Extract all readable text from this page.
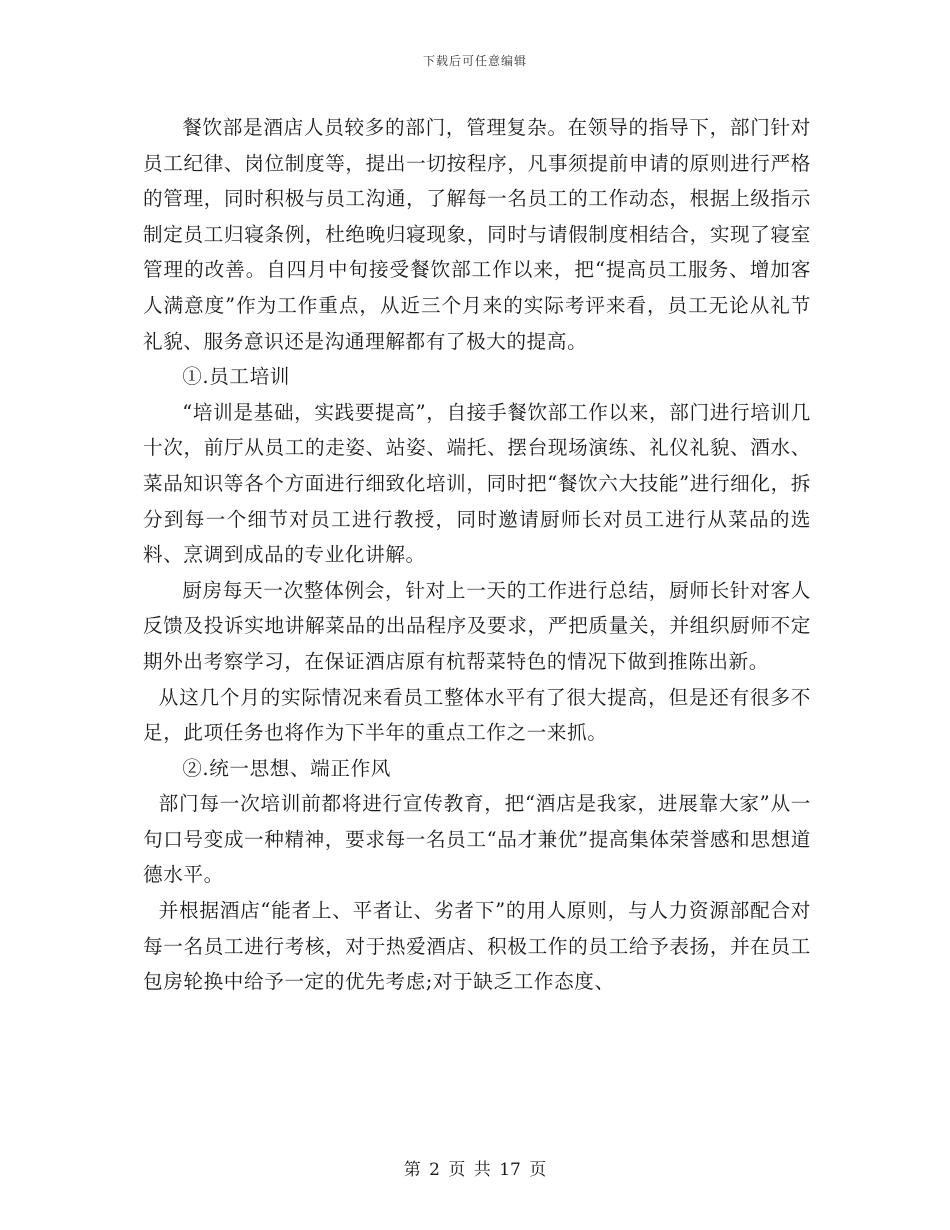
下载后可任意编辑

餐饮部是酒店人员较多的部门，管理复杂。在领导的指导下，部门针对员工纪律、岗位制度等，提出一切按程序，凡事须提前申请的原则进行严格的管理，同时积极与员工沟通，了解每一名员工的工作动态，根据上级指示制定员工归寝条例，杜绝晚归寝现象，同时与请假制度相结合，实现了寝室管理的改善。自四月中旬接受餐饮部工作以来，把“提高员工服务、增加客人满意度”作为工作重点，从近三个月来的实际考评来看，员工无论从礼节礼貌、服务意识还是沟通理解都有了极大的提高。

①.员工培训

“培训是基础，实践要提高”，自接手餐饮部工作以来，部门进行培训几十次，前厅从员工的走姿、站姿、端托、摆台现场演练、礼仪礼貌、酒水、菜品知识等各个方面进行细致化培训，同时把“餐饮六大技能”进行细化，拆分到每一个细节对员工进行教授，同时邀请厨师长对员工进行从菜品的选料、烹调到成品的专业化讲解。

厨房每天一次整体例会，针对上一天的工作进行总结，厨师长针对客人反馈及投诉实地讲解菜品的出品程序及要求，严把质量关，并组织厨师不定期外出考察学习，在保证酒店原有杭帮菜特色的情况下做到推陈出新。

从这几个月的实际情况来看员工整体水平有了很大提高，但是还有很多不足，此项任务也将作为下半年的重点工作之一来抓。

②.统一思想、端正作风

部门每一次培训前都将进行宣传教育，把“酒店是我家，进展靠大家”从一句口号变成一种精神，要求每一名员工“品才兼优”提高集体荣誉感和思想道德水平。

并根据酒店“能者上、平者让、劣者下”的用人原则，与人力资源部配合对每一名员工进行考核，对于热爱酒店、积极工作的员工给予表扬，并在员工包房轮换中给予一定的优先考虑;对于缺乏工作态度、

第 2 页 共 17 页
